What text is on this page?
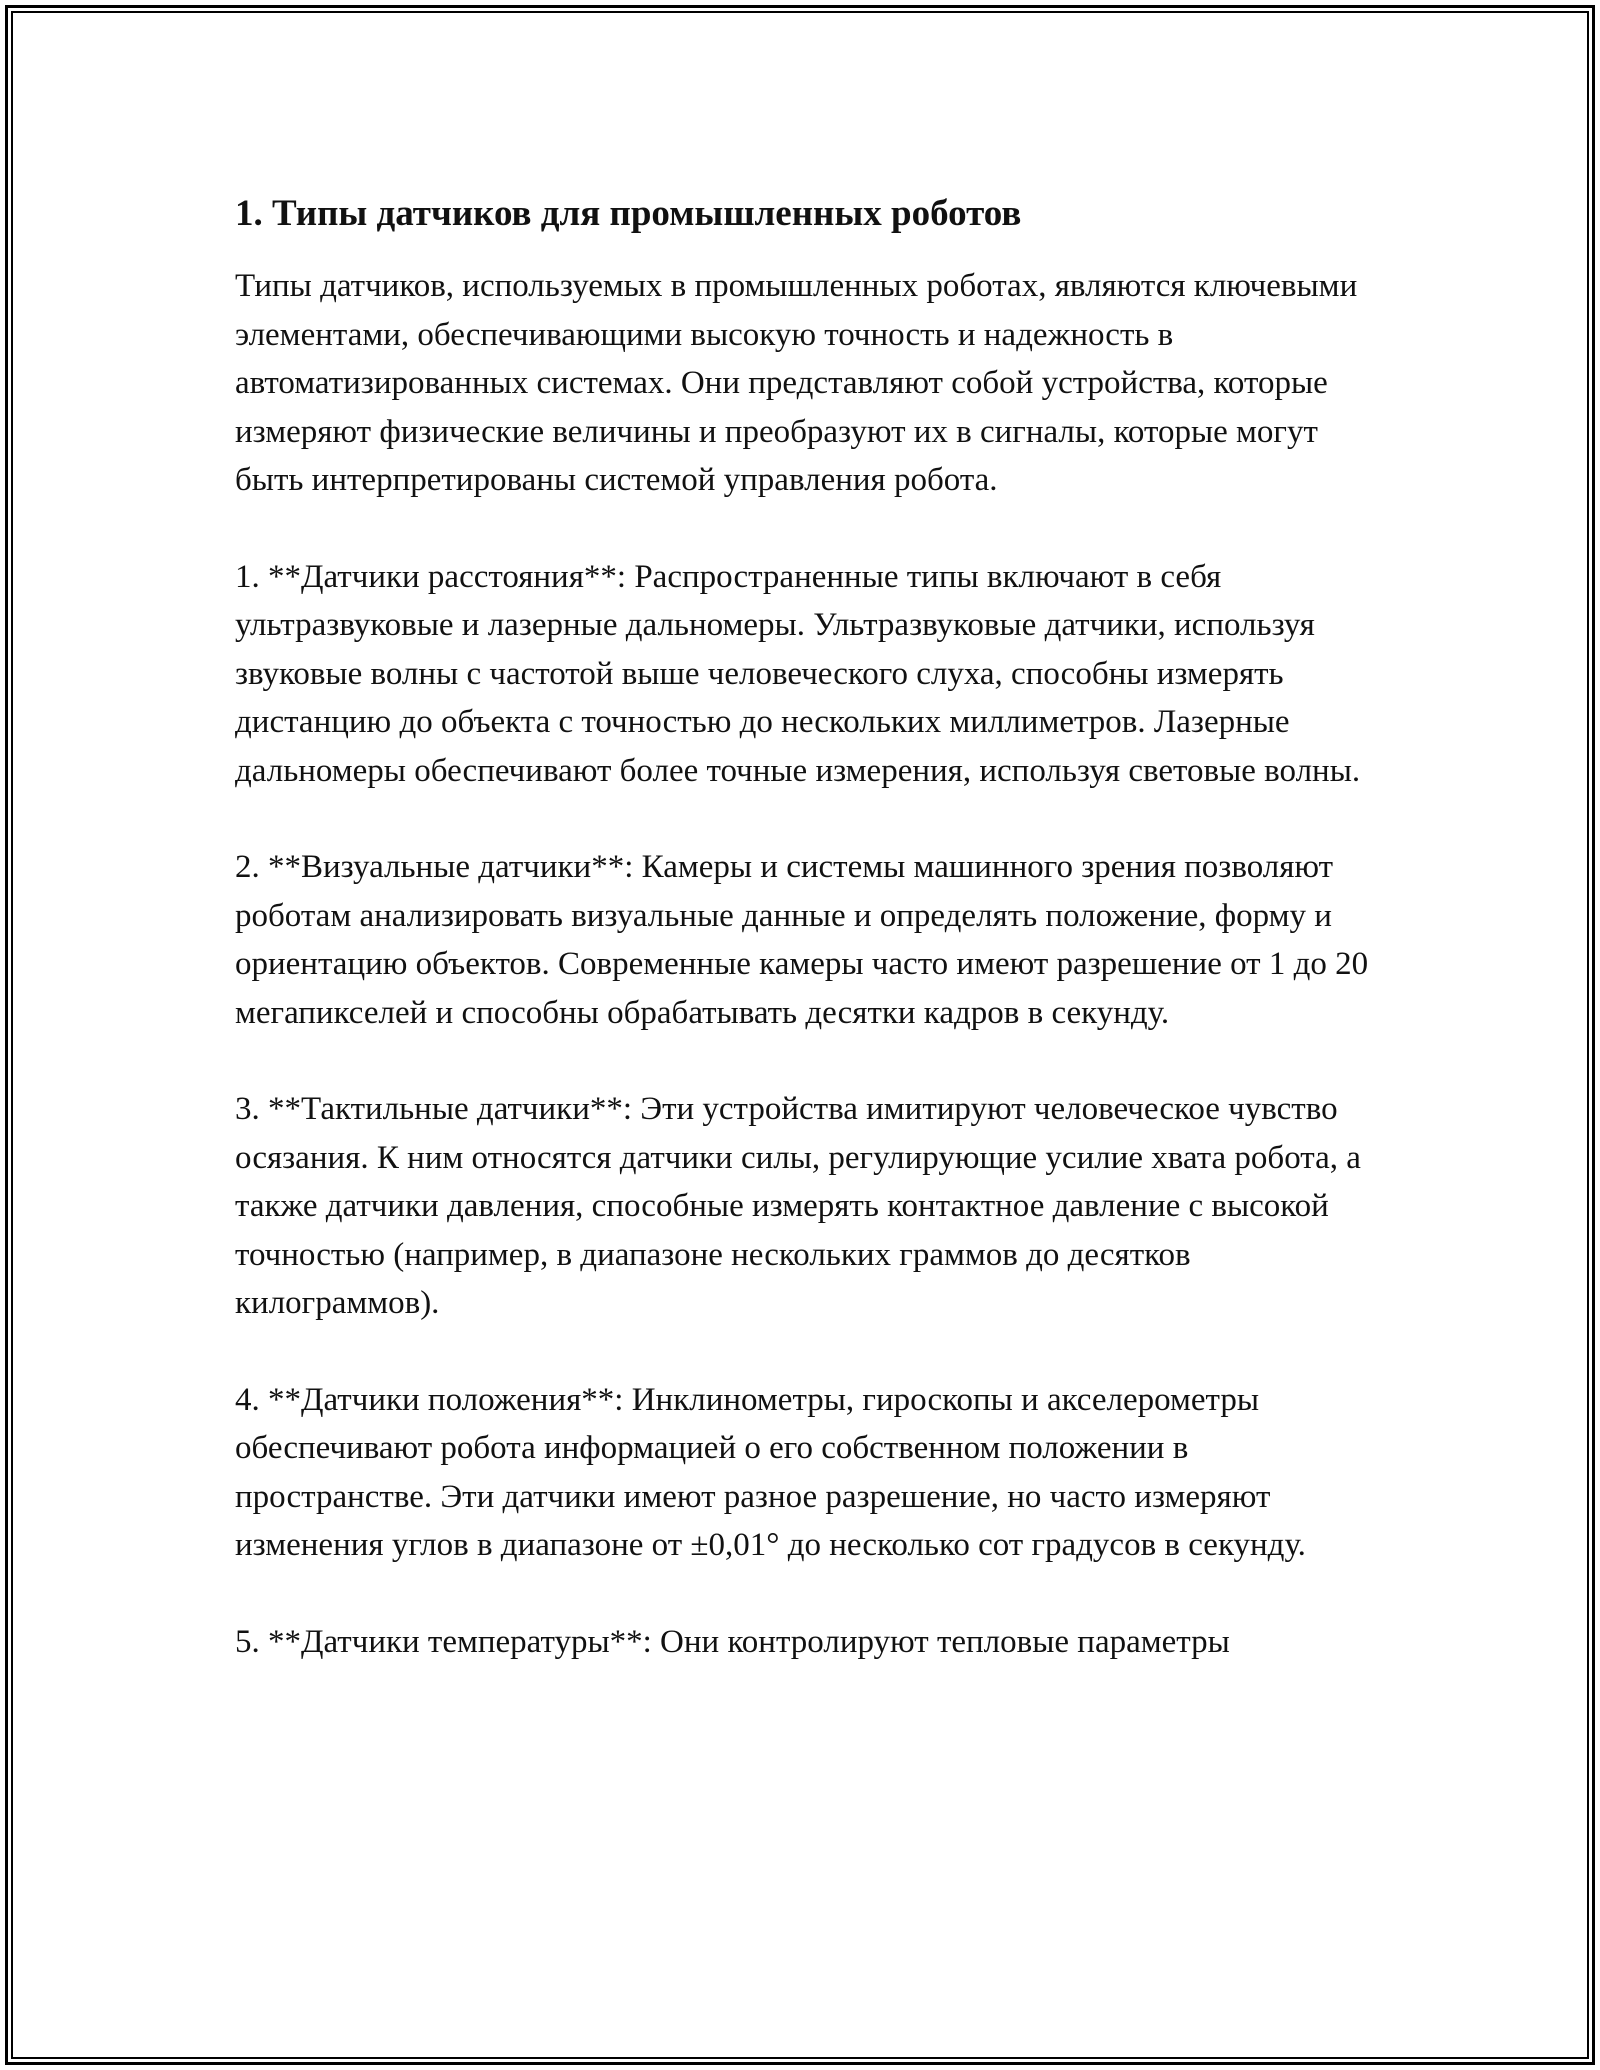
1. Типы датчиков для промышленных роботов

Типы датчиков, используемых в промышленных роботах, являются ключевыми элементами, обеспечивающими высокую точность и надежность в автоматизированных системах. Они представляют собой устройства, которые измеряют физические величины и преобразуют их в сигналы, которые могут быть интерпретированы системой управления робота.

1. **Датчики расстояния**: Распространенные типы включают в себя ультразвуковые и лазерные дальномеры. Ультразвуковые датчики, используя звуковые волны с частотой выше человеческого слуха, способны измерять дистанцию до объекта с точностью до нескольких миллиметров. Лазерные дальномеры обеспечивают более точные измерения, используя световые волны.

2. **Визуальные датчики**: Камеры и системы машинного зрения позволяют роботам анализировать визуальные данные и определять положение, форму и ориентацию объектов. Современные камеры часто имеют разрешение от 1 до 20 мегапикселей и способны обрабатывать десятки кадров в секунду.

3. **Тактильные датчики**: Эти устройства имитируют человеческое чувство осязания. К ним относятся датчики силы, регулирующие усилие хвата робота, а также датчики давления, способные измерять контактное давление с высокой точностью (например, в диапазоне нескольких граммов до десятков килограммов).

4. **Датчики положения**: Инклинометры, гироскопы и акселерометры обеспечивают робота информацией о его собственном положении в пространстве. Эти датчики имеют разное разрешение, но часто измеряют изменения углов в диапазоне от ±0,01° до несколько сот градусов в секунду.

5. **Датчики температуры**: Они контролируют тепловые параметры
